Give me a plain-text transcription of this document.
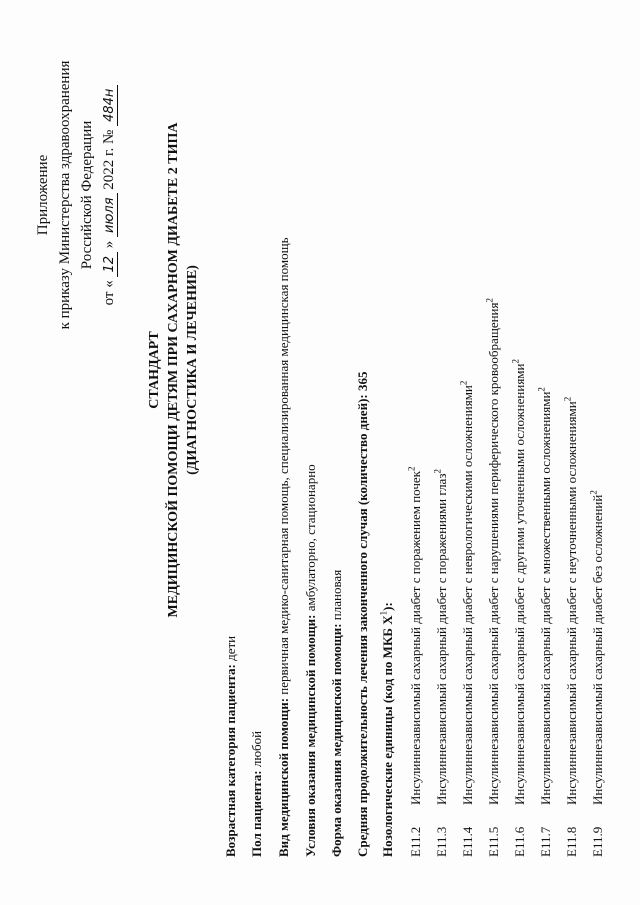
Приложение к приказу Министерства здравоохранения Российской Федерации
от « 12 » июля 2022 г. № 484н
СТАНДАРТ МЕДИЦИНСКОЙ ПОМОЩИ ДЕТЯМ ПРИ САХАРНОМ ДИАБЕТЕ 2 ТИПА (ДИАГНОСТИКА И ЛЕЧЕНИЕ)
Возрастная категория пациента: дети
Пол пациента: любой Вид медицинской помощи: первичная медико-санитарная помощь, специализированная медицинская помощь
Условия оказания медицинской помощи: амбулаторно, стационарно
Форма оказания медицинской помощи: плановая Средняя продолжительность лечения законченного случая (количество дней): 365
Нозологические единицы (код по МКБ $X^1$):
E11.2
Инсулиннезависимый сахарный диабет с поражением почек$^2$
E11.3
Инсулиннезависимый сахарный диабет с поражениями глаз$^2$
E11.4
Инсулиннезависимый сахарный диабет с неврологическими осложнениями$^2$
E11.5
Инсулиннезависимый сахарный диабет с нарушениями периферического кровообращения$^2$
E11.6
Инсулиннезависимый сахарный диабет с другими уточненными осложнениями$^2$
E11.7
Инсулиннезависимый сахарный диабет с множественными осложнениями$^2$
E11.8
Инсулиннезависимый сахарный диабет с неуточненными осложнениями$^2$
E11.9
Инсулиннезависимый сахарный диабет без осложнений$^2$
